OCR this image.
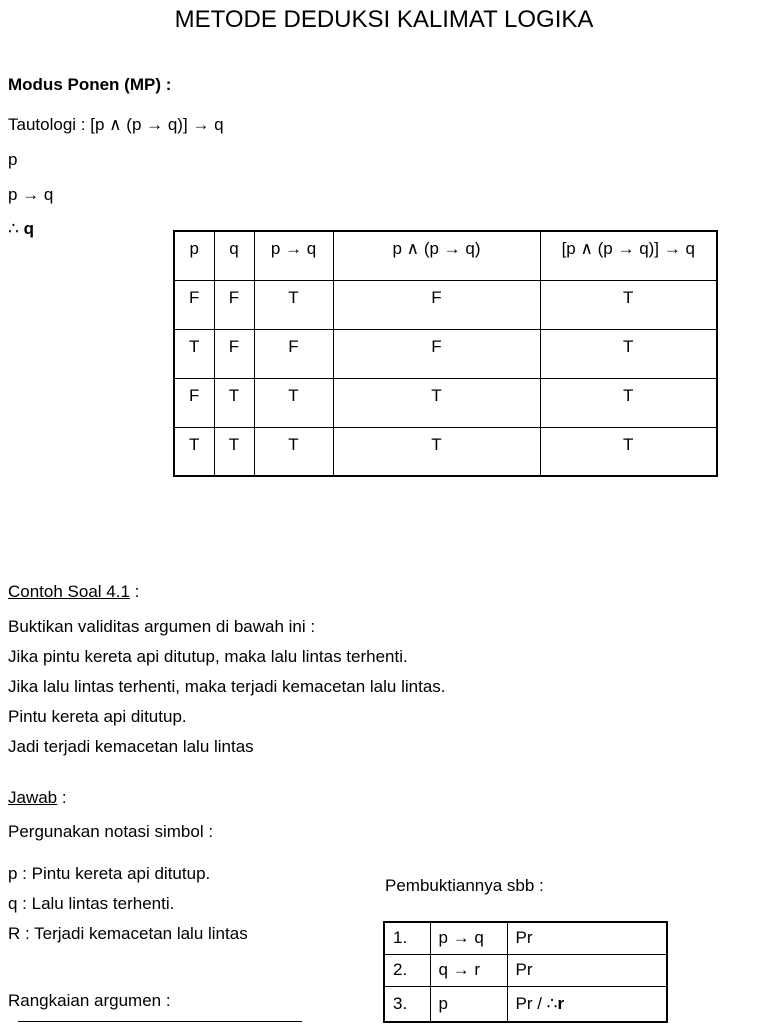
METODE DEDUKSI KALIMAT LOGIKA
Modus Ponen (MP) :
Tautologi : [p ∧ (p → q)] → q
p
p → q
∴ q
p	q	p → q	p ∧ (p → q)	[p ∧ (p → q)] → q
F	F	T	F	T
T	F	F	F	T
F	T	T	T	T
T	T	T	T	T
Contoh Soal 4.1 :
Buktikan validitas argumen di bawah ini :
Jika pintu kereta api ditutup, maka lalu lintas terhenti.
Jika lalu lintas terhenti, maka terjadi kemacetan lalu lintas.
Pintu kereta api ditutup.
Jadi terjadi kemacetan lalu lintas
Jawab :
Pergunakan notasi simbol :
p : Pintu kereta api ditutup.
q : Lalu lintas terhenti.
R : Terjadi kemacetan lalu lintas
Rangkaian argumen :
Pembuktiannya sbb :
1.	p → q	Pr
2.	q → r	Pr
3.	p	Pr / ∴r
